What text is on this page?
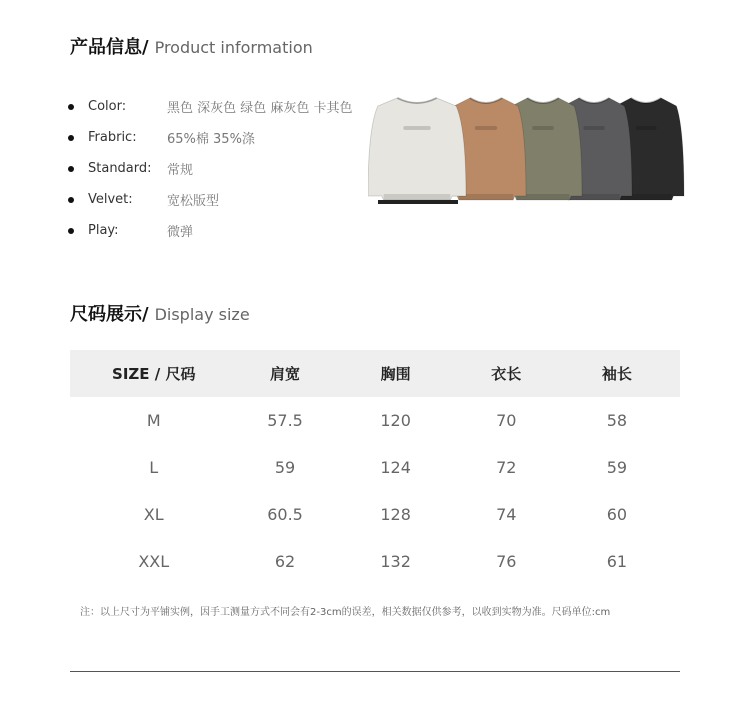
产品信息/ Product information
Color:	黑色 深灰色 绿色 麻灰色 卡其色
Frabric:	65%棉 35%涤
Standard:	常规
Velvet:	宽松版型
Play:	微弹
尺码展示/ Display size
SIZE / 尺码	肩宽	胸围	衣长	袖长
M	57.5	120	70	58
L	59	124	72	59
XL	60.5	128	74	60
XXL	62	132	76	61
注：以上尺寸为平铺实例，因手工测量方式不同会有2-3cm的误差，相关数据仅供参考，以收到实物为准。尺码单位:cm
